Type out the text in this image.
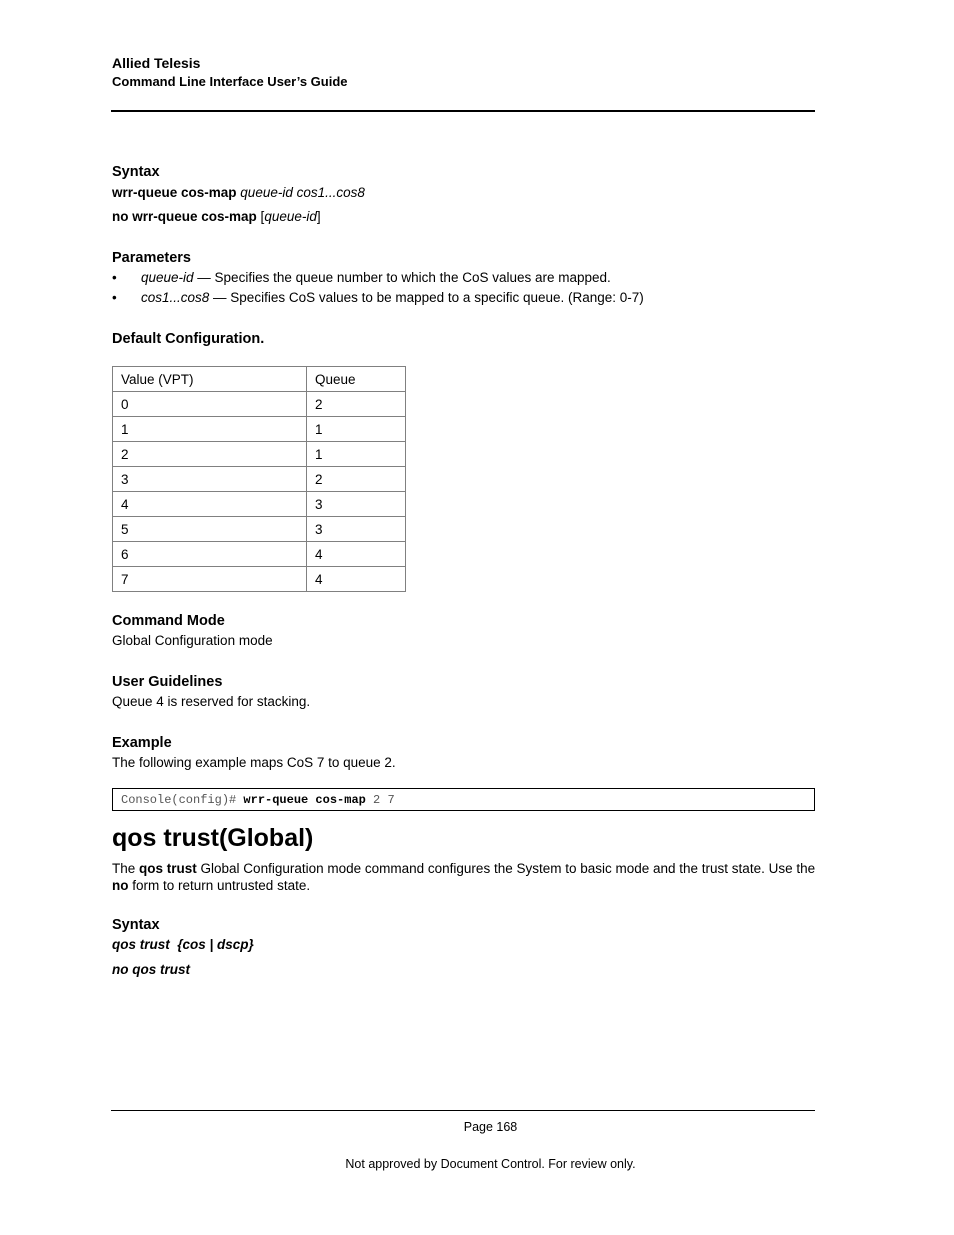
Allied Telesis
Command Line Interface User’s Guide
Syntax
wrr-queue cos-map queue-id cos1...cos8
no wrr-queue cos-map [queue-id]
Parameters
• queue-id — Specifies the queue number to which the CoS values are mapped.
• cos1...cos8 — Specifies CoS values to be mapped to a specific queue. (Range: 0-7)
Default Configuration.
Value (VPT)	Queue
0	2
1	1
2	1
3	2
4	3
5	3
6	4
7	4
Command Mode
Global Configuration mode
User Guidelines
Queue 4 is reserved for stacking.
Example
The following example maps CoS 7 to queue 2.
Console(config)# wrr-queue cos-map 2 7
qos trust(Global)
The qos trust Global Configuration mode command configures the System to basic mode and the trust state. Use the no form to return untrusted state.
Syntax
qos trust  {cos | dscp}
no qos trust
Page 168
Not approved by Document Control. For review only.
